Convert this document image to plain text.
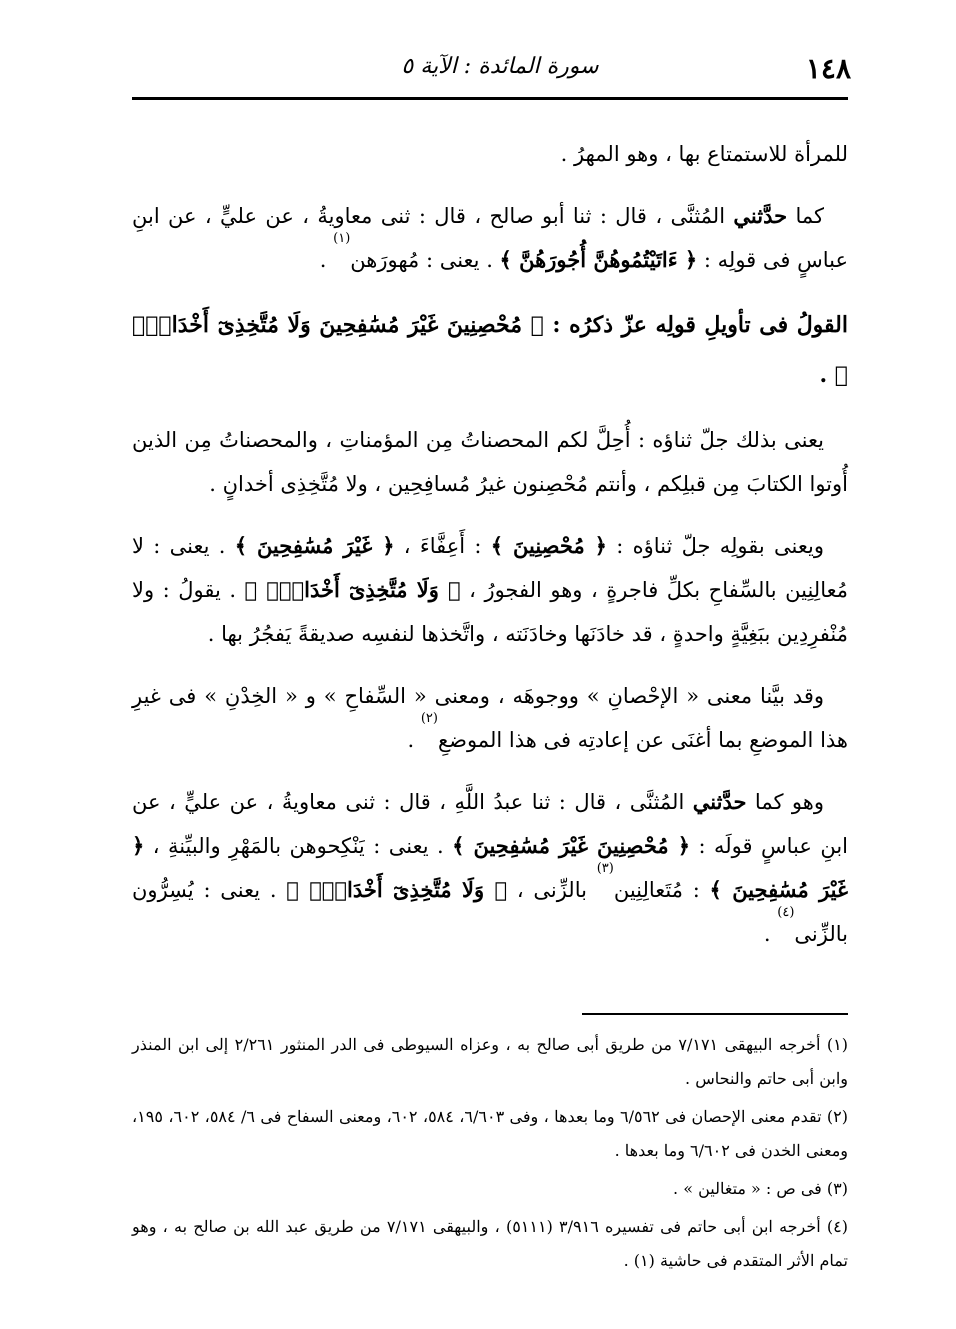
١٤٨
سورة المائدة : الآية ٥

للمرأة للاستمتاع بها ، وهو المهرُ .

كما حدَّثني المُثنَّى ، قال : ثنا أبو صالح ، قال : ثنى معاويةُ ، عن عليٍّ ، عن ابنِ عباسٍ فى قولِه : ﴿ ءَاتَيْتُمُوهُنَّ أُجُورَهُنَّ ﴾ . يعنى : مُهورَهن$^{(١)}$ .

القولُ فى تأويلِ قولِه عزّ ذكرُه : ﴿ مُحْصِنِينَ غَيْرَ مُسَٰفِحِينَ وَلَا مُتَّخِذِىٓ أَخْدَانٍۗ ﴾ .

يعنى بذلك جلّ ثناؤه : أُحِلَّ لكم المحصناتُ مِن المؤمناتِ ، والمحصناتُ مِن الذين أُوتوا الكتابَ مِن قبلِكم ، وأنتم مُحْصِنون غيرُ مُسافِحِين ، ولا مُتَّخِذِى أخدانٍ .

ويعنى بقولِه جلّ ثناؤه : ﴿ مُحْصِنِينَ ﴾ : أَعِفَّاءَ ، ﴿ غَيْرَ مُسَٰفِحِينَ ﴾ . يعنى : لا مُعالِنِين بالسِّفاحِ بكلِّ فاجرةٍ ، وهو الفجورُ ، ﴿ وَلَا مُتَّخِذِىٓ أَخْدَانٍۗ ﴾ . يقولُ : ولا مُنْفرِدِين ببَغِيَّةٍ واحدةٍ ، قد خادَنَها وخادَنَته ، واتَّخذها لنفسِه صديقةً يَفجُرُ بها .

وقد بيَّنا معنى « الإحْصانِ » ووجوهَه ، ومعنى « السِّفاحِ » و « الخِدْنِ » فى غيرِ هذا الموضعِ بما أغنَى عن إعادتِه فى هذا الموضعِ$^{(٢)}$ .

وهو كما حدَّثني المُثنَّى ، قال : ثنا عبدُ اللَّهِ ، قال : ثنى معاويةُ ، عن عليٍّ ، عن ابنِ عباسٍ قولَه : ﴿ مُحْصِنِينَ غَيْرَ مُسَٰفِحِينَ ﴾ . يعنى : يَنْكِحوهن بالمَهْرِ والبيِّنةِ ، ﴿ غَيْرَ مُسَٰفِحِينَ ﴾ : مُتَعالِنِين$^{(٣)}$ بالزِّنى ، ﴿ وَلَا مُتَّخِذِىٓ أَخْدَانٍۗ ﴾ . يعنى : يُسِرُّون بالزِّنى$^{(٤)}$ .

(١) أخرجه البيهقى ٧/١٧١ من طريق أبى صالح به ، وعزاه السيوطى فى الدر المنثور ٢/٢٦١ إلى ابن المنذر وابن أبى حاتم والنحاس .

(٢) تقدم معنى الإحصان فى ٦/٥٦٢ وما بعدها ، وفى ٦/٦٠٣، ٥٨٤، ٦٠٢، ومعنى السفاح فى ٦/ ٥٨٤، ٦٠٢، ١٩٥، ومعنى الخدن فى ٦/٦٠٢ وما بعدها .

(٣) فى ص : « متغالين » .

(٤) أخرجه ابن أبى حاتم فى تفسيره ٣/٩١٦ (٥١١١) ، والبيهقى ٧/١٧١ من طريق عبد الله بن صالح به ، وهو تمام الأثر المتقدم فى حاشية (١) .
